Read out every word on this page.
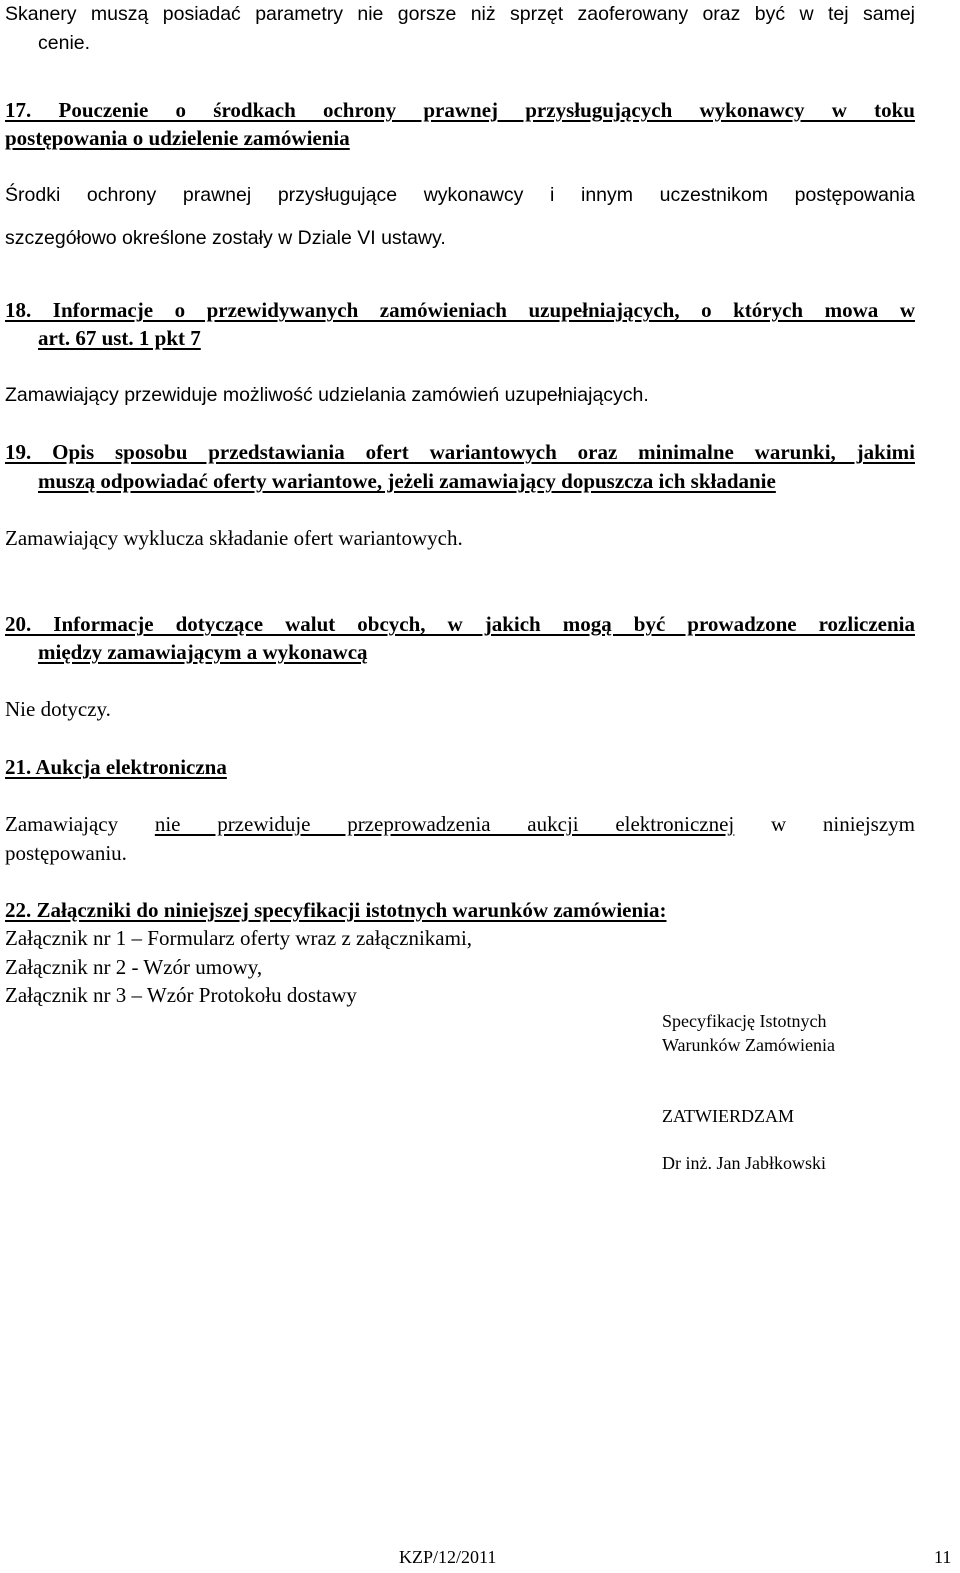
Skanery muszą posiadać parametry nie gorsze niż sprzęt zaoferowany oraz być w tej samej
cenie.
17. Pouczenie o środkach ochrony prawnej przysługujących wykonawcy w toku
postępowania o udzielenie zamówienia
Środki ochrony prawnej przysługujące wykonawcy i innym uczestnikom postępowania
szczegółowo określone zostały w Dziale VI ustawy.
18. Informacje o przewidywanych zamówieniach uzupełniających, o których mowa w
art. 67 ust. 1 pkt 7
Zamawiający przewiduje możliwość udzielania zamówień uzupełniających.
19. Opis sposobu przedstawiania ofert wariantowych oraz minimalne warunki, jakimi
muszą odpowiadać oferty wariantowe, jeżeli zamawiający dopuszcza ich składanie
Zamawiający wyklucza składanie ofert wariantowych.
20. Informacje dotyczące walut obcych, w jakich mogą być prowadzone rozliczenia
między zamawiającym a wykonawcą
Nie dotyczy.
21. Aukcja elektroniczna
Zamawiający nie przewiduje przeprowadzenia aukcji elektronicznej w niniejszym
postępowaniu.
22. Załączniki do niniejszej specyfikacji istotnych warunków zamówienia:
Załącznik nr 1 – Formularz oferty wraz z załącznikami,
Załącznik nr 2 - Wzór umowy,
Załącznik nr 3 – Wzór Protokołu dostawy
Specyfikację Istotnych
Warunków Zamówienia
ZATWIERDZAM
Dr inż. Jan Jabłkowski
KZP/12/2011	11
